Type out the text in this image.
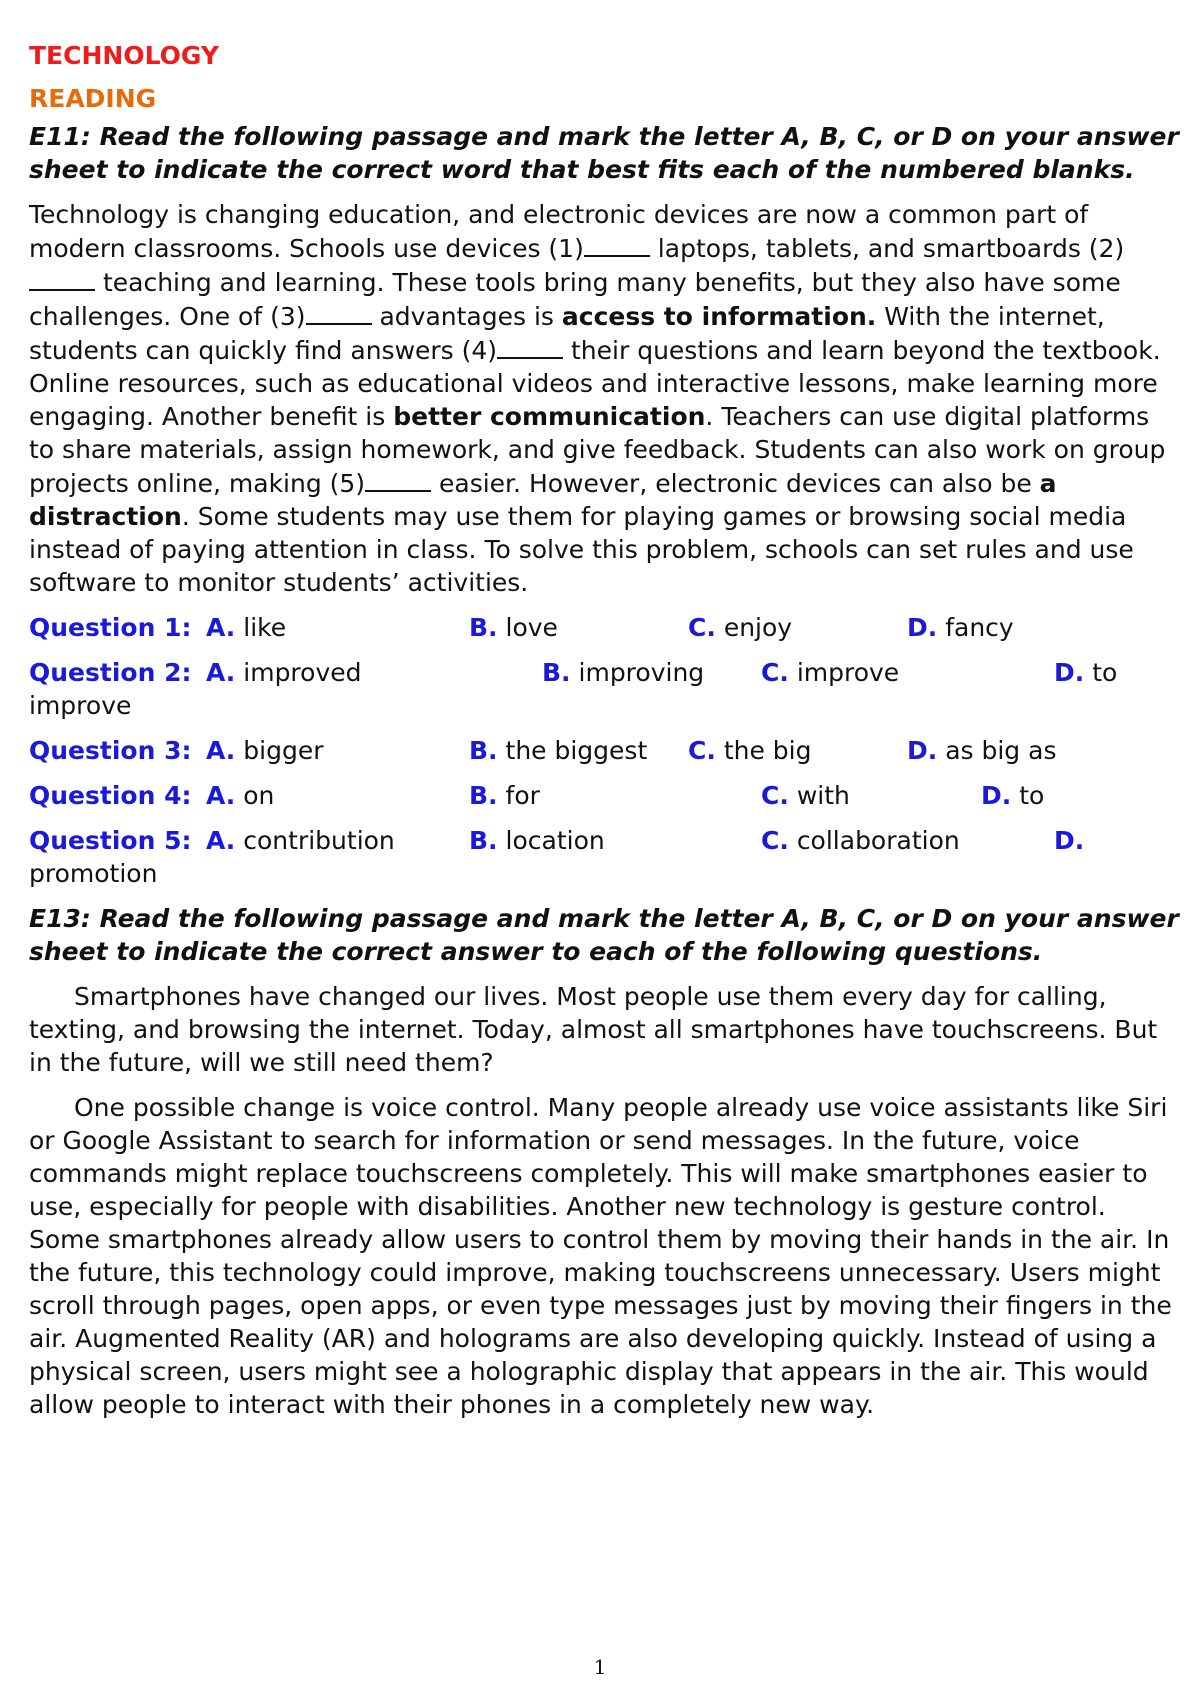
TECHNOLOGY

READING

E11: Read the following passage and mark the letter A, B, C, or D on your answer sheet to indicate the correct word that best fits each of the numbered blanks.

Technology is changing education, and electronic devices are now a common part of modern classrooms. Schools use devices (1)	laptops, tablets, and smartboards (2) teaching and learning. These tools bring many benefits, but they also have some challenges. One of (3)	advantages is access to information. With the internet, students can quickly find answers (4)	their questions and learn beyond the textbook. Online resources, such as educational videos and interactive lessons, make learning more engaging. Another benefit is better communication. Teachers can use digital platforms to share materials, assign homework, and give feedback. Students can also work on group projects online, making (5)	easier. However, electronic devices can also be a distraction. Some students may use them for playing games or browsing social media instead of paying attention in class. To solve this problem, schools can set rules and use software to monitor students’ activities.

Question 1: A. like	B. love	C. enjoy	D. fancy
Question 2: A. improved	B. improving C. improve	D. to
improve
Question 3: A. bigger	B. the biggest C. the big	D. as big as
Question 4: A. on	B. for	C. with	D. to
Question 5: A. contribution	B. location	C. collaboration	D.
promotion

E13: Read the following passage and mark the letter A, B, C, or D on your answer sheet to indicate the correct answer to each of the following questions.

Smartphones have changed our lives. Most people use them every day for calling, texting, and browsing the internet. Today, almost all smartphones have touchscreens. But in the future, will we still need them?

One possible change is voice control. Many people already use voice assistants like Siri or Google Assistant to search for information or send messages. In the future, voice commands might replace touchscreens completely. This will make smartphones easier to use, especially for people with disabilities. Another new technology is gesture control. Some smartphones already allow users to control them by moving their hands in the air. In the future, this technology could improve, making touchscreens unnecessary. Users might scroll through pages, open apps, or even type messages just by moving their fingers in the air. Augmented Reality (AR) and holograms are also developing quickly. Instead of using a physical screen, users might see a holographic display that appears in the air. This would allow people to interact with their phones in a completely new way.

1
